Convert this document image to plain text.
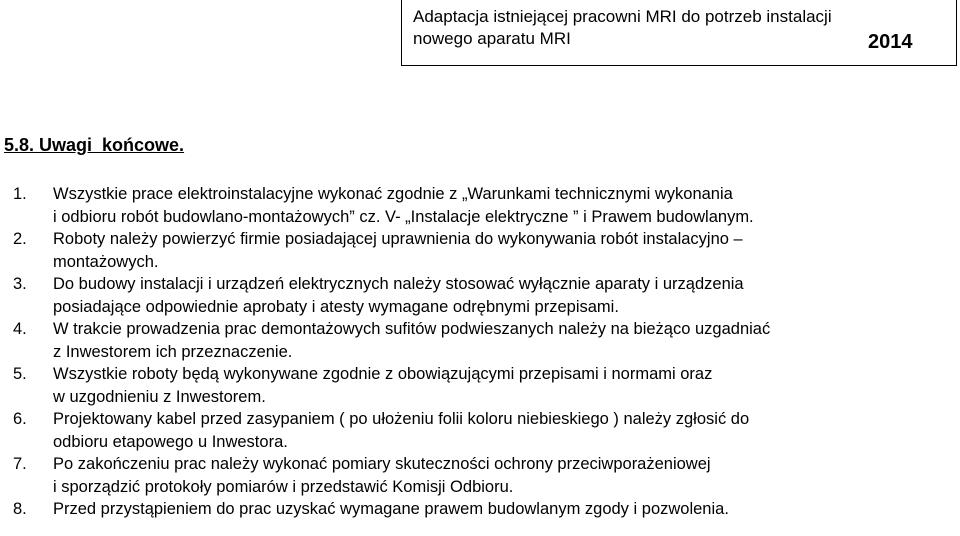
Adaptacja istniejącej pracowni MRI do potrzeb instalacji nowego aparatu MRI	2014
5.8. Uwagi  końcowe.
1. Wszystkie prace elektroinstalacyjne wykonać zgodnie z „Warunkami technicznymi wykonania
i odbioru robót budowlano-montażowych” cz. V- „Instalacje elektryczne ” i Prawem budowlanym.
2. Roboty należy powierzyć firmie posiadającej uprawnienia do wykonywania robót instalacyjno –
montażowych.
3. Do budowy instalacji i urządzeń elektrycznych należy stosować wyłącznie aparaty i urządzenia
posiadające odpowiednie aprobaty i atesty wymagane odrębnymi przepisami.
4. W trakcie prowadzenia prac demontażowych sufitów podwieszanych należy na bieżąco uzgadniać
z Inwestorem ich przeznaczenie.
5. Wszystkie roboty będą wykonywane zgodnie z obowiązującymi przepisami i normami oraz
w uzgodnieniu z Inwestorem.
6. Projektowany kabel przed zasypaniem ( po ułożeniu folii koloru niebieskiego ) należy zgłosić do
odbioru etapowego u Inwestora.
7. Po zakończeniu prac należy wykonać pomiary skuteczności ochrony przeciwporażeniowej
i sporządzić protokoły pomiarów i przedstawić Komisji Odbioru.
8. Przed przystąpieniem do prac uzyskać wymagane prawem budowlanym zgody i pozwolenia.
